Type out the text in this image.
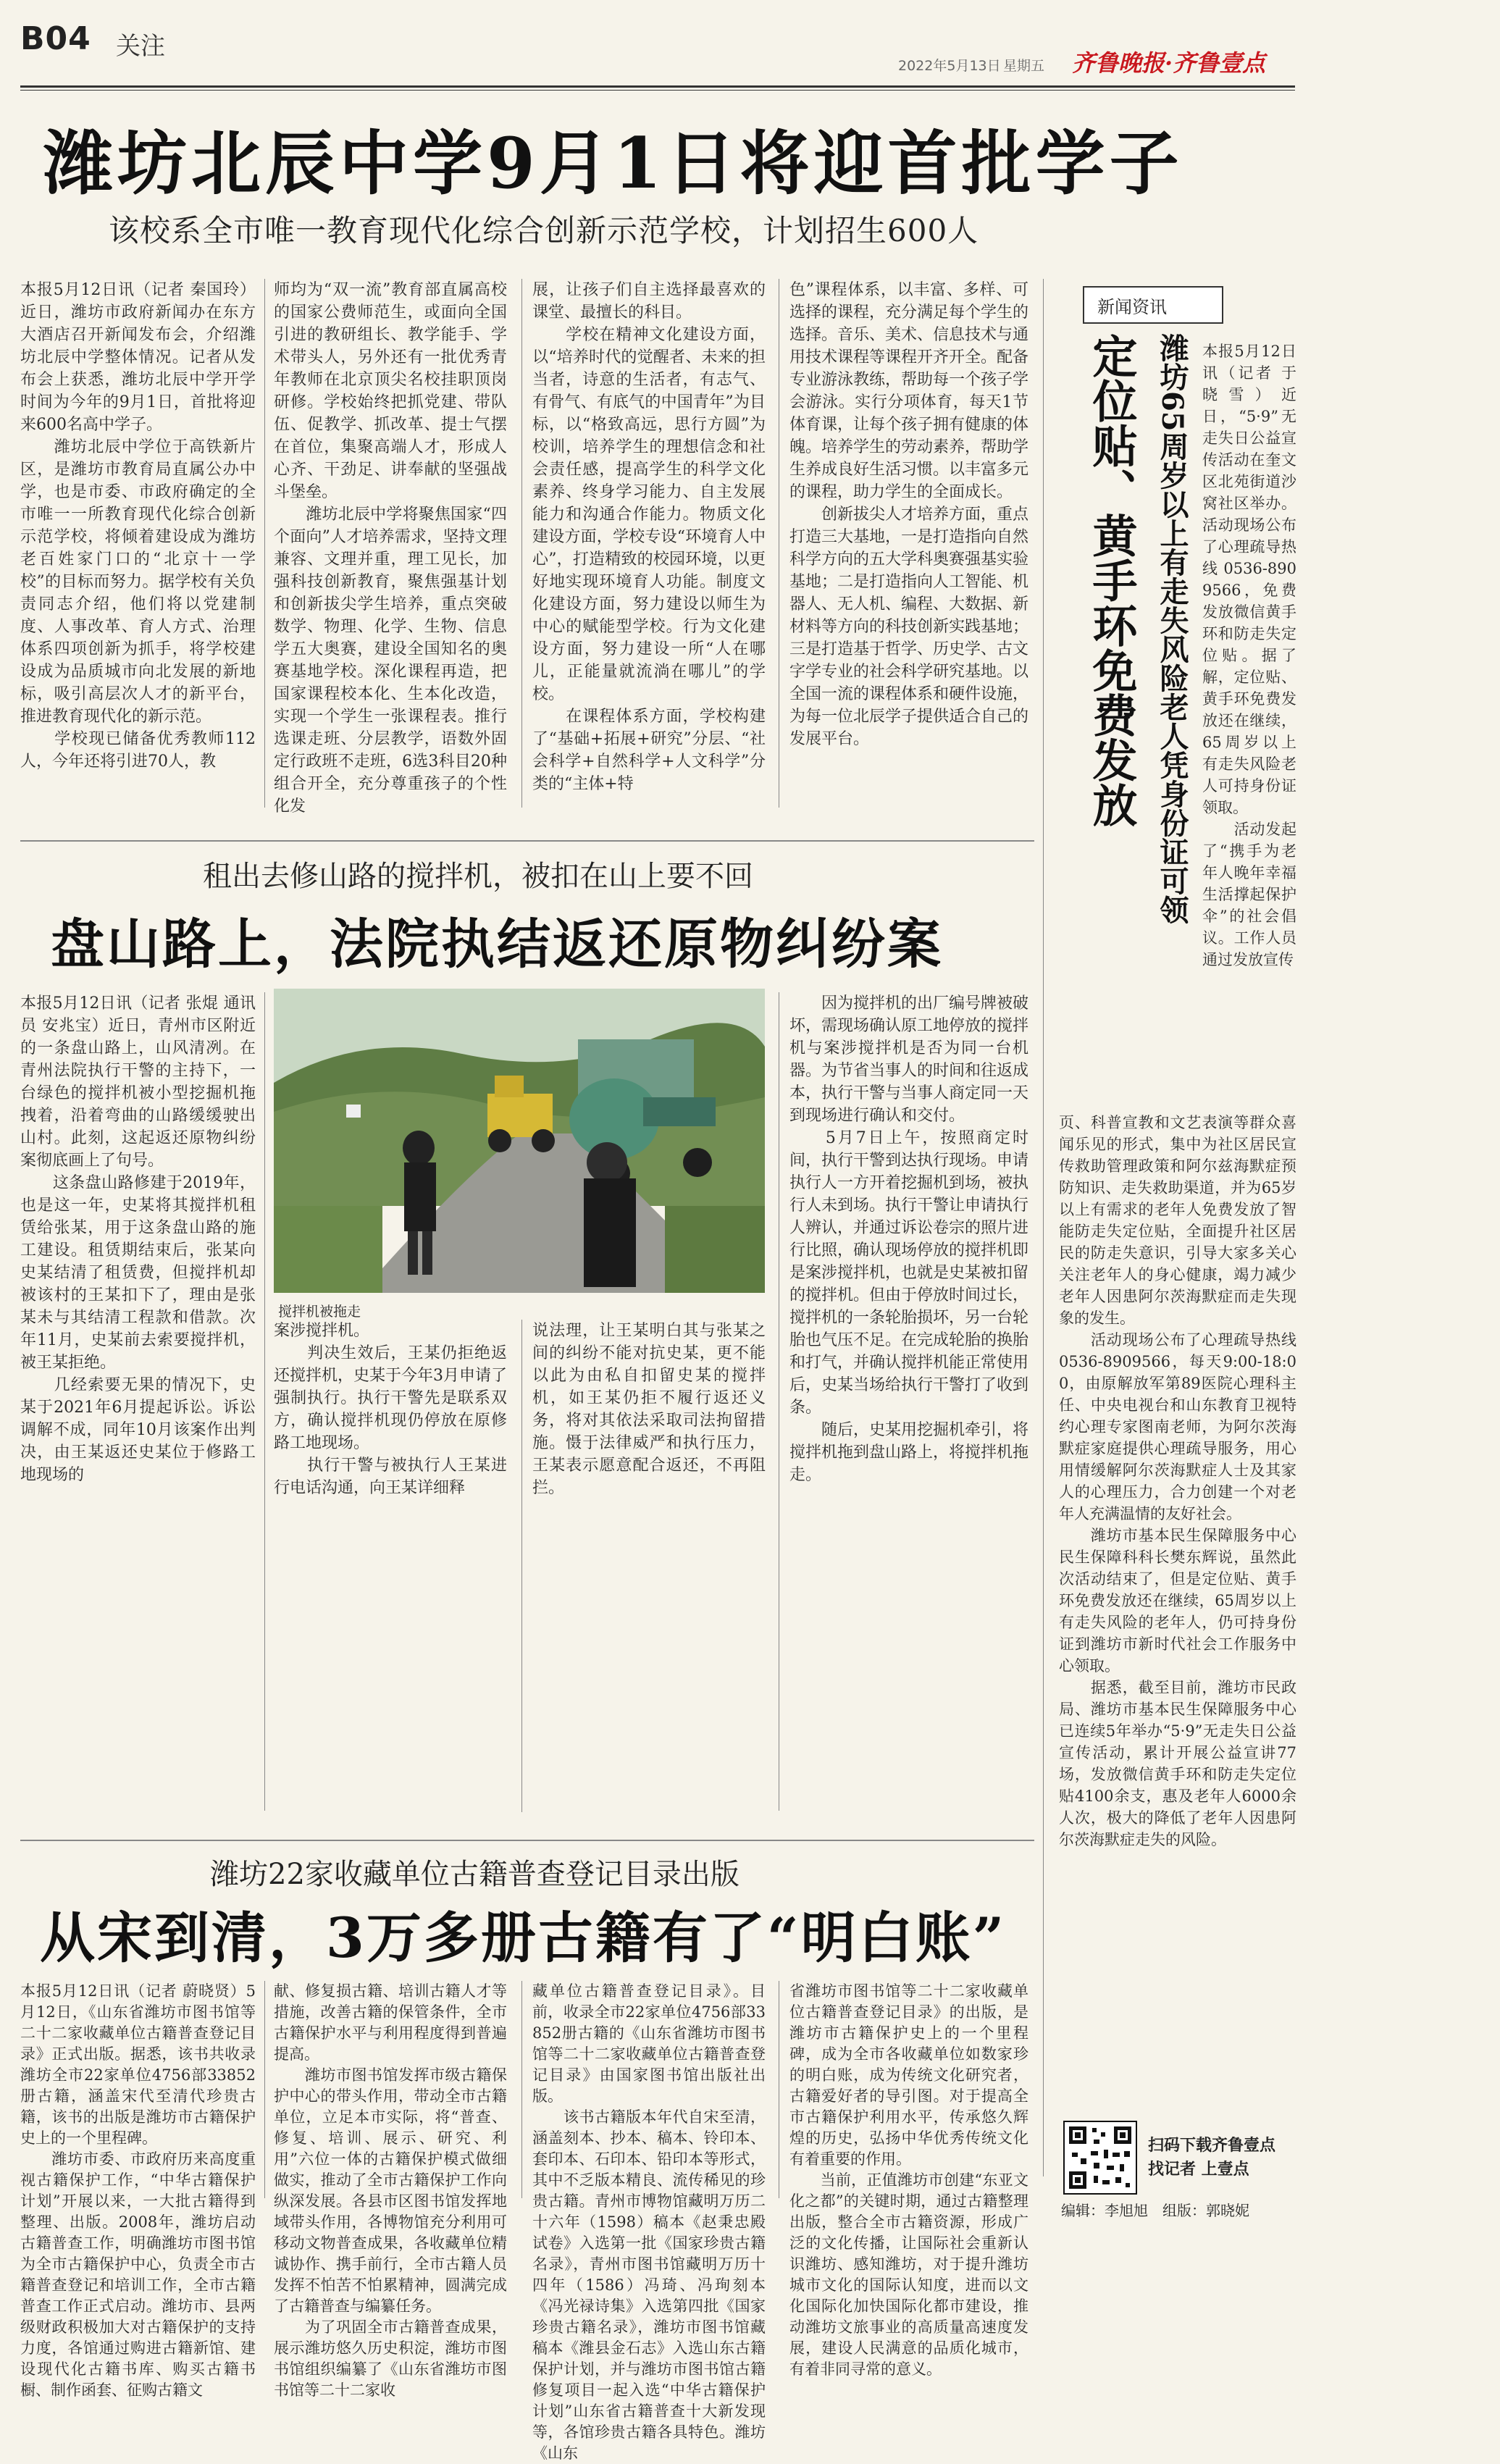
B04 关注
2022年5月13日 星期五 齐鲁晚报·齐鲁壹点
潍坊北辰中学9月1日将迎首批学子
该校系全市唯一教育现代化综合创新示范学校，计划招生600人
本报5月12日讯（记者 秦国玲）近日，潍坊市政府新闻办在东方大酒店召开新闻发布会，介绍潍坊北辰中学整体情况。记者从发布会上获悉，潍坊北辰中学开学时间为今年的9月1日，首批将迎来600名高中学子。
　　潍坊北辰中学位于高铁新片区，是潍坊市教育局直属公办中学，也是市委、市政府确定的全市唯一一所教育现代化综合创新示范学校，将倾着建设成为潍坊老百姓家门口的“北京十一学校”的目标而努力。据学校有关负责同志介绍，他们将以党建制度、人事改革、育人方式、治理体系四项创新为抓手，将学校建设成为品质城市向北发展的新地标，吸引高层次人才的新平台，推进教育现代化的新示范。
　　学校现已储备优秀教师112人，今年还将引进70人，教
师均为“双一流”教育部直属高校的国家公费师范生，或面向全国引进的教研组长、教学能手、学术带头人，另外还有一批优秀青年教师在北京顶尖名校挂职顶岗研修。学校始终把抓党建、带队伍、促教学、抓改革、提士气摆在首位，集聚高端人才，形成人心齐、干劲足、讲奉献的坚强战斗堡垒。
　　潍坊北辰中学将聚焦国家“四个面向”人才培养需求，坚持文理兼容、文理并重，理工见长，加强科技创新教育，聚焦强基计划和创新拔尖学生培养，重点突破数学、物理、化学、生物、信息学五大奥赛，建设全国知名的奥赛基地学校。深化课程再造，把国家课程校本化、生本化改造，实现一个学生一张课程表。推行选课走班、分层教学，语数外固定行政班不走班，6选3科目20种组合开全，充分尊重孩子的个性化发
展，让孩子们自主选择最喜欢的课堂、最擅长的科目。
　　学校在精神文化建设方面，以“培养时代的觉醒者、未来的担当者，诗意的生活者，有志气、有骨气、有底气的中国青年”为目标，以“格致高远，思行方圆”为校训，培养学生的理想信念和社会责任感，提高学生的科学文化素养、终身学习能力、自主发展能力和沟通合作能力。物质文化建设方面，学校专设“环境育人中心”，打造精致的校园环境，以更好地实现环境育人功能。制度文化建设方面，努力建设以师生为中心的赋能型学校。行为文化建设方面，努力建设一所“人在哪儿，正能量就流淌在哪儿”的学校。
　　在课程体系方面，学校构建了“基础+拓展+研究”分层、“社会科学+自然科学+人文科学”分类的“主体+特
色”课程体系，以丰富、多样、可选择的课程，充分满足每个学生的选择。音乐、美术、信息技术与通用技术课程等课程开齐开全。配备专业游泳教练，帮助每一个孩子学会游泳。实行分项体育，每天1节体育课，让每个孩子拥有健康的体魄。培养学生的劳动素养，帮助学生养成良好生活习惯。以丰富多元的课程，助力学生的全面成长。
　　创新拔尖人才培养方面，重点打造三大基地，一是打造指向自然科学方向的五大学科奥赛强基实验基地；二是打造指向人工智能、机器人、无人机、编程、大数据、新材料等方向的科技创新实践基地；三是打造基于哲学、历史学、古文字学专业的社会科学研究基地。以全国一流的课程体系和硬件设施，为每一位北辰学子提供适合自己的发展平台。
新闻资讯
潍坊65周岁以上有走失风险老人凭身份证可领
定位贴、黄手环免费发放	本报5月12日讯（记者 于晓雪）近日，“5·9”无走失日公益宣传活动在奎文区北苑街道沙窝社区举办。活动现场公布了心理疏导热线0536-8909566，免费发放微信黄手环和防走失定位贴。据了解，定位贴、黄手环免费发放还在继续，65周岁以上有走失风险老人可持身份证领取。
　　活动发起了“携手为老年人晚年幸福生活撑起保护伞”的社会倡议。工作人员通过发放宣传
页、科普宣教和文艺表演等群众喜闻乐见的形式，集中为社区居民宣传救助管理政策和阿尔兹海默症预防知识、走失救助渠道，并为65岁以上有需求的老年人免费发放了智能防走失定位贴，全面提升社区居民的防走失意识，引导大家多关心关注老年人的身心健康，竭力减少老年人因患阿尔茨海默症而走失现象的发生。
　　活动现场公布了心理疏导热线0536-8909566，每天9:00-18:00，由原解放军第89医院心理科主任、中央电视台和山东教育卫视特约心理专家图南老师，为阿尔茨海默症家庭提供心理疏导服务，用心用情缓解阿尔茨海默症人士及其家人的心理压力，合力创建一个对老年人充满温情的友好社会。
　　潍坊市基本民生保障服务中心民生保障科科长樊东辉说，虽然此次活动结束了，但是定位贴、黄手环免费发放还在继续，65周岁以上有走失风险的老年人，仍可持身份证到潍坊市新时代社会工作服务中心领取。
　　据悉，截至目前，潍坊市民政局、潍坊市基本民生保障服务中心已连续5年举办“5·9”无走失日公益宣传活动，累计开展公益宣讲77场，发放微信黄手环和防走失定位贴4100余支，惠及老年人6000余人次，极大的降低了老年人因患阿尔茨海默症走失的风险。
扫码下载齐鲁壹点
找记者 上壹点
租出去修山路的搅拌机，被扣在山上要不回
盘山路上，法院执结返还原物纠纷案
本报5月12日讯（记者 张焜 通讯员 安兆宝）近日，青州市区附近的一条盘山路上，山风清冽。在青州法院执行干警的主持下，一台绿色的搅拌机被小型挖掘机拖拽着，沿着弯曲的山路缓缓驶出山村。此刻，这起返还原物纠纷案彻底画上了句号。
　　这条盘山路修建于2019年，也是这一年，史某将其搅拌机租赁给张某，用于这条盘山路的施工建设。租赁期结束后，张某向史某结清了租赁费，但搅拌机却被该村的王某扣下了，理由是张某未与其结清工程款和借款。次年11月，史某前去索要搅拌机，被王某拒绝。
　　几经索要无果的情况下，史某于2021年6月提起诉讼。诉讼调解不成，同年10月该案作出判决，由王某返还史某位于修路工地现场的
搅拌机被拖走
案涉搅拌机。
　　判决生效后，王某仍拒绝返还搅拌机，史某于今年3月申请了强制执行。执行干警先是联系双方，确认搅拌机现仍停放在原修路工地现场。
　　执行干警与被执行人王某进行电话沟通，向王某详细释
说法理，让王某明白其与张某之间的纠纷不能对抗史某，更不能以此为由私自扣留史某的搅拌机，如王某仍拒不履行返还义务，将对其依法采取司法拘留措施。慑于法律威严和执行压力，王某表示愿意配合返还，不再阻拦。
　　因为搅拌机的出厂编号牌被破坏，需现场确认原工地停放的搅拌机与案涉搅拌机是否为同一台机器。为节省当事人的时间和往返成本，执行干警与当事人商定同一天到现场进行确认和交付。
　　5月7日上午，按照商定时间，执行干警到达执行现场。申请执行人一方开着挖掘机到场，被执行人未到场。执行干警让申请执行人辨认，并通过诉讼卷宗的照片进行比照，确认现场停放的搅拌机即是案涉搅拌机，也就是史某被扣留的搅拌机。但由于停放时间过长，搅拌机的一条轮胎损坏，另一台轮胎也气压不足。在完成轮胎的换胎和打气，并确认搅拌机能正常使用后，史某当场给执行干警打了收到条。
　　随后，史某用挖掘机牵引，将搅拌机拖到盘山路上，将搅拌机拖走。
潍坊22家收藏单位古籍普查登记目录出版
从宋到清，3万多册古籍有了“明白账”
本报5月12日讯（记者 蔚晓贤）5月12日，《山东省潍坊市图书馆等二十二家收藏单位古籍普查登记目录》正式出版。据悉，该书共收录潍坊全市22家单位4756部33852册古籍，涵盖宋代至清代珍贵古籍，该书的出版是潍坊市古籍保护史上的一个里程碑。
　　潍坊市委、市政府历来高度重视古籍保护工作，“中华古籍保护计划”开展以来，一大批古籍得到整理、出版。2008年，潍坊启动古籍普查工作，明确潍坊市图书馆为全市古籍保护中心，负责全市古籍普查登记和培训工作，全市古籍普查工作正式启动。潍坊市、县两级财政积极加大对古籍保护的支持力度，各馆通过购进古籍新馆、建设现代化古籍书库、购买古籍书橱、制作函套、征购古籍文
献、修复损古籍、培训古籍人才等措施，改善古籍的保管条件，全市古籍保护水平与利用程度得到普遍提高。
　　潍坊市图书馆发挥市级古籍保护中心的带头作用，带动全市古籍单位，立足本市实际，将“普查、修复、培训、展示、研究、利用”六位一体的古籍保护模式做细做实，推动了全市古籍保护工作向纵深发展。各县市区图书馆发挥地域带头作用，各博物馆充分利用可移动文物普查成果，各收藏单位精诚协作、携手前行，全市古籍人员发挥不怕苦不怕累精神，圆满完成了古籍普查与编纂任务。
　　为了巩固全市古籍普查成果，展示潍坊悠久历史积淀，潍坊市图书馆组织编纂了《山东省潍坊市图书馆等二十二家收
藏单位古籍普查登记目录》。目前，收录全市22家单位4756部33852册古籍的《山东省潍坊市图书馆等二十二家收藏单位古籍普查登记目录》由国家图书馆出版社出版。
　　该书古籍版本年代自宋至清，涵盖刻本、抄本、稿本、铃印本、套印本、石印本、铅印本等形式，其中不乏版本精良、流传稀见的珍贵古籍。青州市博物馆藏明万历二十六年（1598）稿本《赵秉忠殿试卷》入选第一批《国家珍贵古籍名录》，青州市图书馆藏明万历十四年（1586）冯琦、冯珣刻本《冯光禄诗集》入选第四批《国家珍贵古籍名录》，潍坊市图书馆藏稿本《潍县金石志》入选山东古籍保护计划，并与潍坊市图书馆古籍修复项目一起入选“中华古籍保护计划”山东省古籍普查十大新发现等，各馆珍贵古籍各具特色。潍坊《山东
省潍坊市图书馆等二十二家收藏单位古籍普查登记目录》的出版，是潍坊市古籍保护史上的一个里程碑，成为全市各收藏单位如数家珍的明白账，成为传统文化研究者，古籍爱好者的导引图。对于提高全市古籍保护利用水平，传承悠久辉煌的历史，弘扬中华优秀传统文化有着重要的作用。
　　当前，正值潍坊市创建“东亚文化之都”的关键时期，通过古籍整理出版，整合全市古籍资源，形成广泛的文化传播，让国际社会重新认识潍坊、感知潍坊，对于提升潍坊城市文化的国际认知度，进而以文化国际化加快国际化都市建设，推动潍坊文旅事业的高质量高速度发展，建设人民满意的品质化城市，有着非同寻常的意义。
编辑：李旭旭　组版：郭晓妮
